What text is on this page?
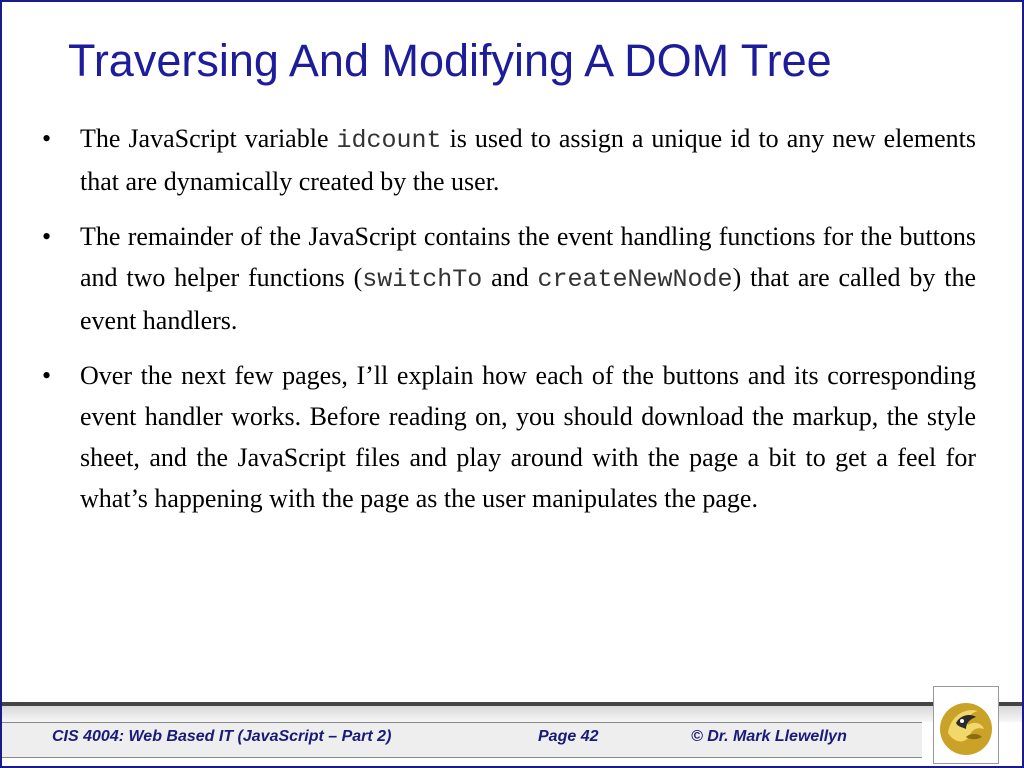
Traversing And Modifying A DOM Tree
•	The JavaScript variable idcount is used to assign a unique id to any new elements that are dynamically created by the user.
•	The remainder of the JavaScript contains the event handling functions for the buttons and two helper functions (switchTo and createNewNode) that are called by the event handlers.
•	Over the next few pages, I’ll explain how each of the buttons and its corresponding event handler works. Before reading on, you should download the markup, the style sheet, and the JavaScript files and play around with the page a bit to get a feel for what’s happening with the page as the user manipulates the page.
CIS 4004: Web Based IT (JavaScript – Part 2)	Page 42	© Dr. Mark Llewellyn
